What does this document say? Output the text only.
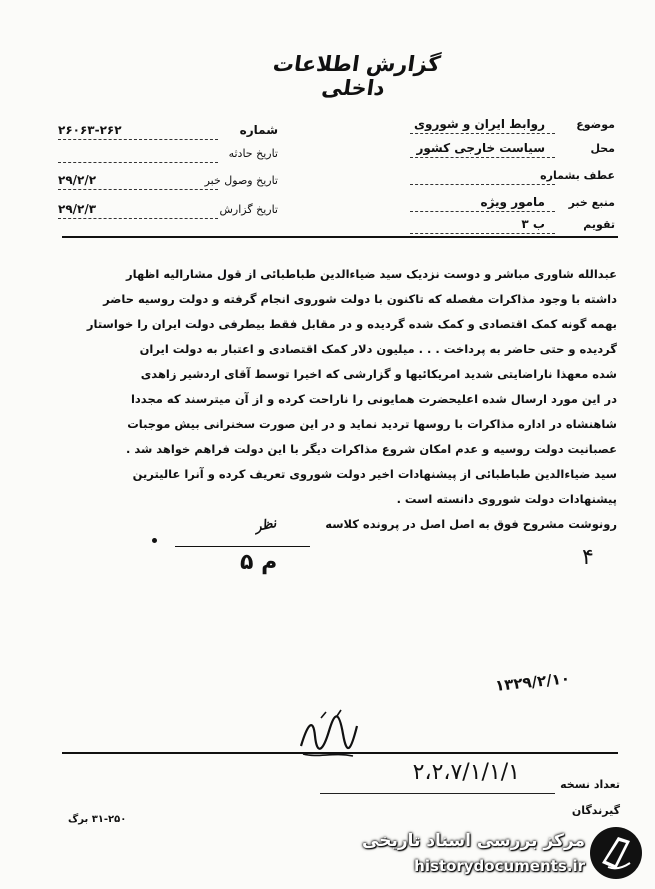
گزارش اطلاعات داخلی
شماره
۲۶۰۶۳-۲۶۲
تاریخ حادثه
تاریخ وصول خبر
۲۹/۲/۲
تاریخ گزارش
۲۹/۲/۳
موضوع
روابط ایران و شوروی
محل
سیاست خارجی کشور
عطف بشماره
منبع خبر
مامور ویژه
تقویم
ب ۳
عبدالله شاوری مباشر و دوست نزدیک سید ضیاء‌الدین طباطبائی از قول مشارالیه اظهار
داشته با وجود مذاکرات مفصله که تاکنون با دولت شوروی انجام گرفته و دولت روسیه حاضر
بهمه گونه کمک اقتصادی و کمک شده گردیده و در مقابل فقط بیطرفی دولت ایران را خواستار
گردیده و حتی حاضر به پرداخت . . . میلیون دلار کمک اقتصادی و اعتبار به دولت ایران
شده معهذا ناراضایتی شدید امریکائیها و گزارشی که اخیرا توسط آقای اردشیر زاهدی
در این مورد ارسال شده اعلیحضرت همایونی را ناراحت کرده و از آن میترسند که مجددا
شاهنشاه در اداره مذاکرات با روسها تردید نماید و در این صورت سخنرانی بیش موجبات
عصبانیت دولت روسیه و عدم امکان شروع مذاکرات دیگر با این دولت فراهم خواهد شد .
سید ضیاء‌الدین طباطبائی از پیشنهادات اخیر دولت شوروی تعریف کرده و آنرا عالیترین
پیشنهادات دولت شوروی دانسته است .
رونوشت مشروح فوق به اصل اصل در پرونده کلاسه
نظر
۵ م	۴
۱۳۲۹/۲/۱۰
۲،۲،۷/۱/۱/۱	تعداد نسخه
گیرندگان
۳۱-۲۵۰ برگ
مرکز بررسی اسناد تاریخی
historydocuments.ir
